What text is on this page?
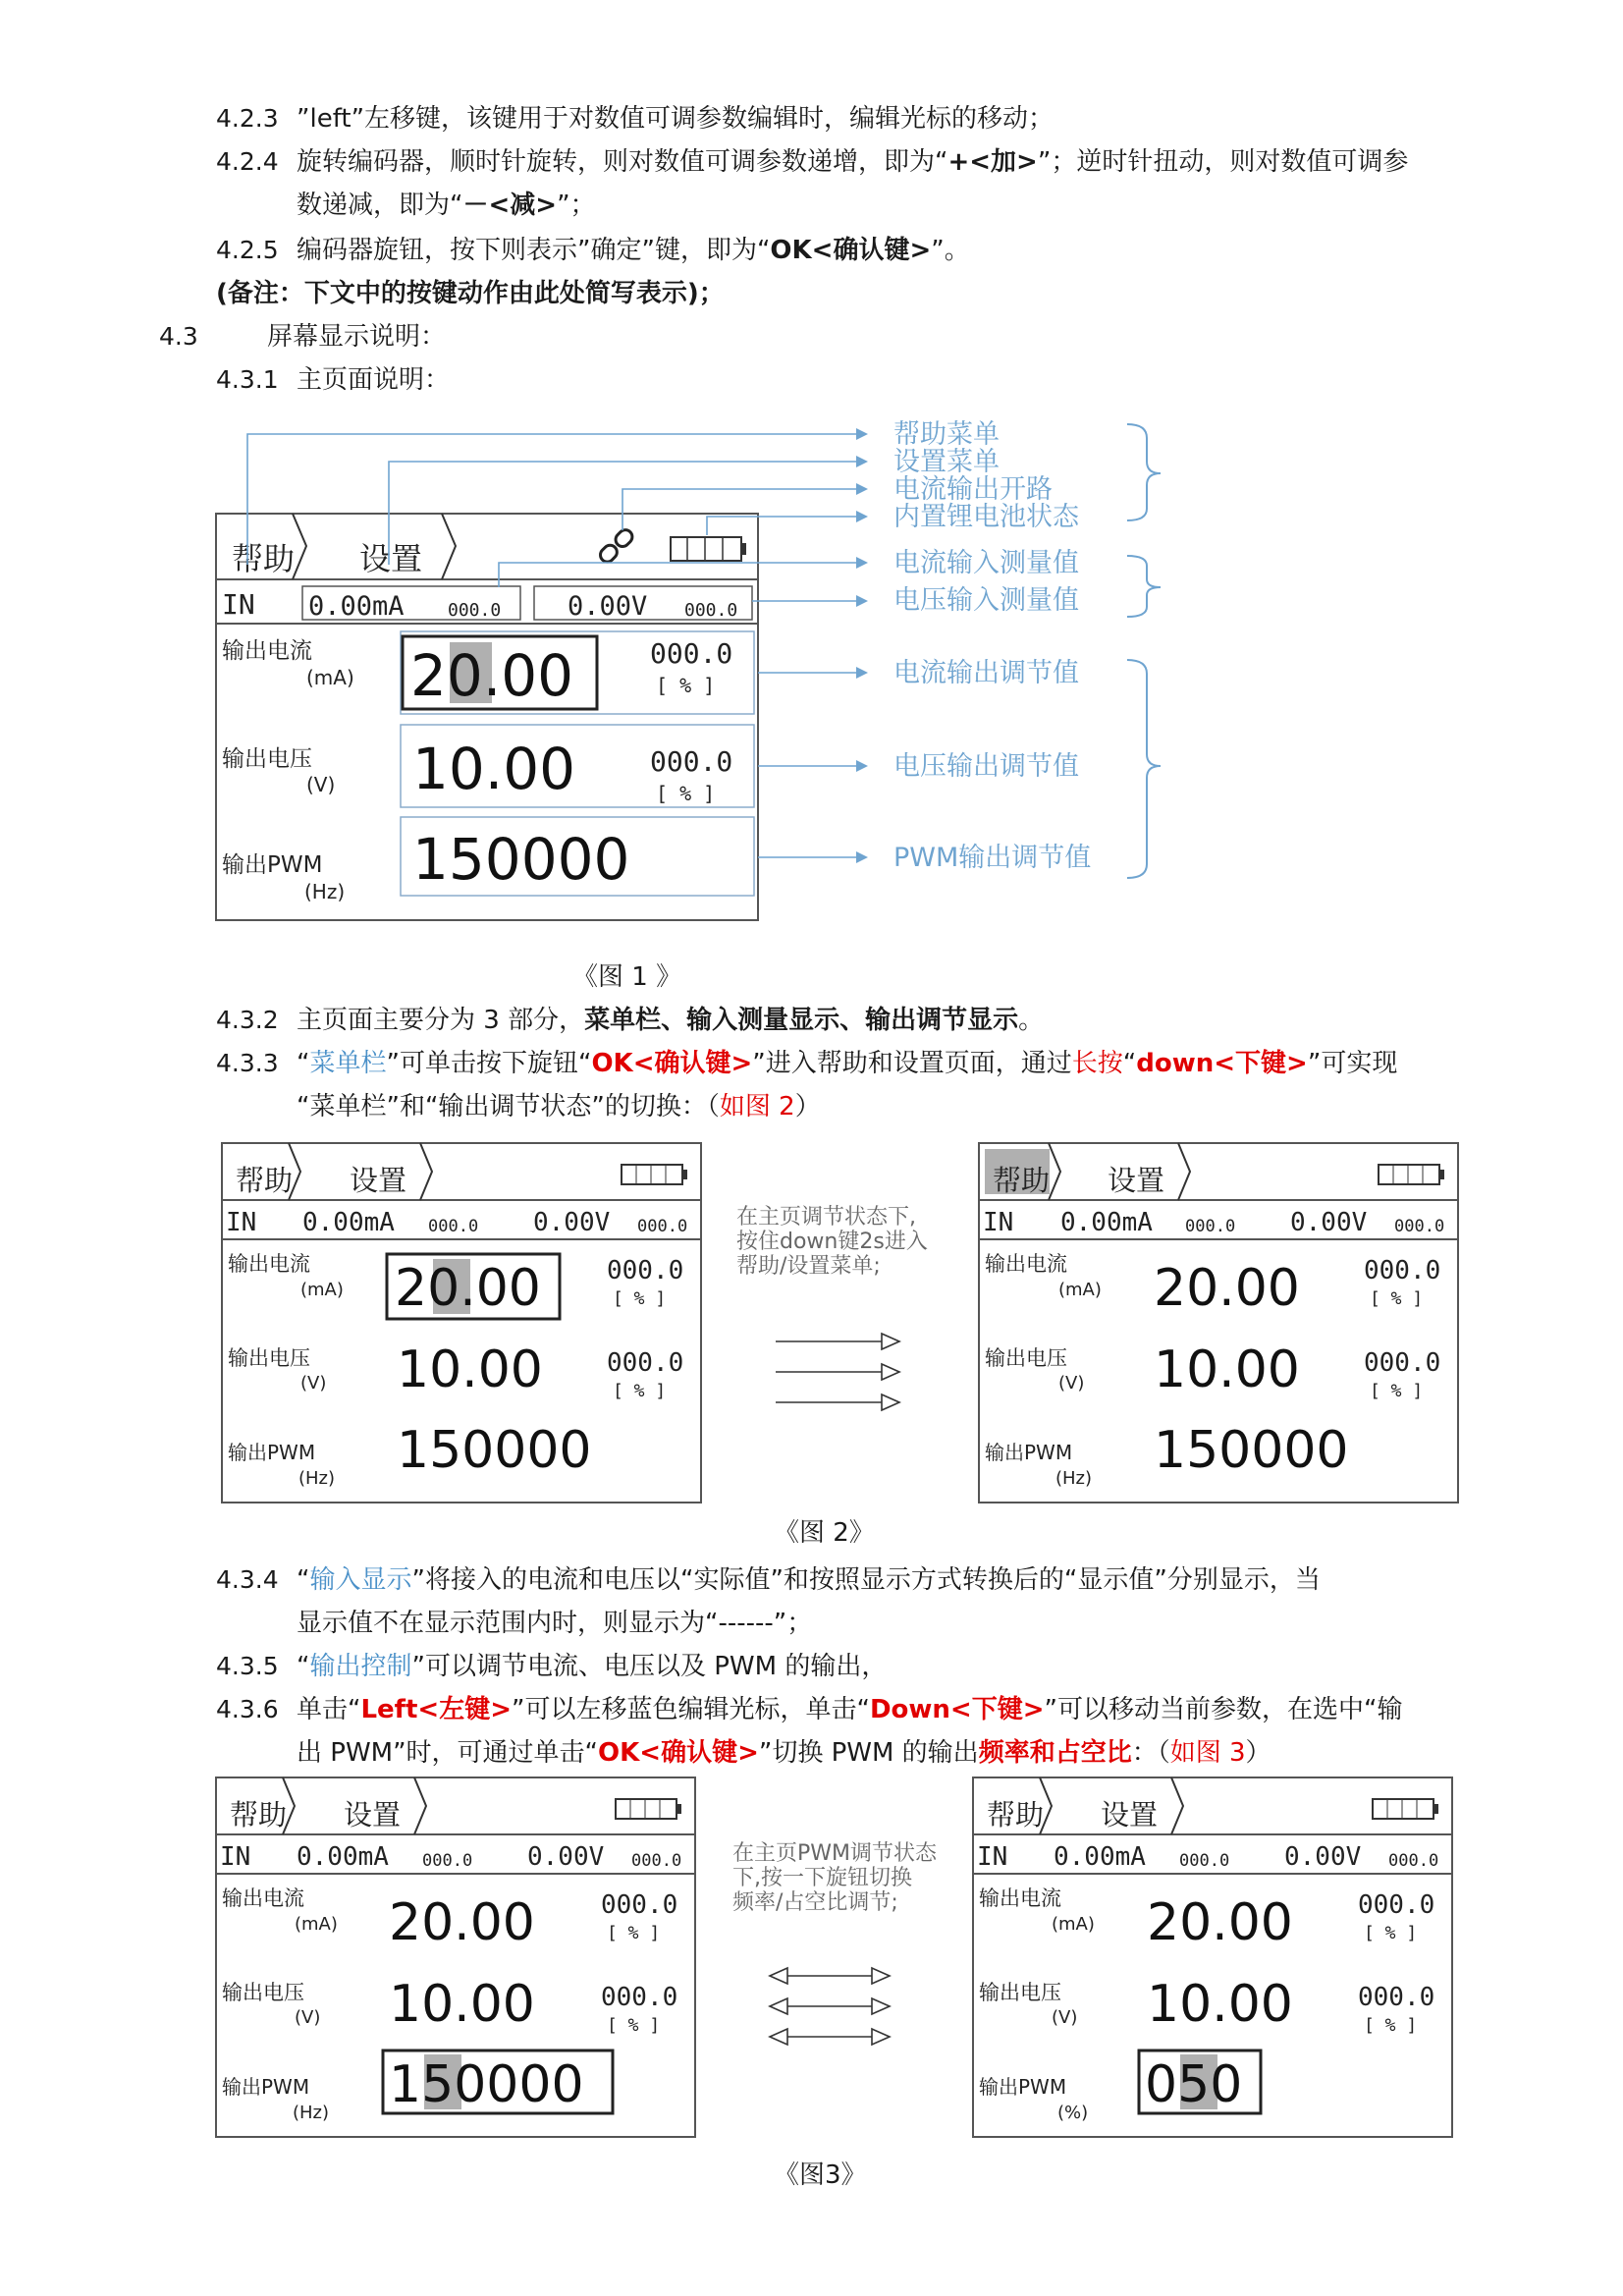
4.2.3 ”left”左移键，该键用于对数值可调参数编辑时，编辑光标的移动；
4.2.4 旋转编码器，顺时针旋转，则对数值可调参数递增，即为“+<加>”；逆时针扭动，则对数值可调参
数递减，即为“－<减>”；
4.2.5 编码器旋钮，按下则表示”确定”键，即为“OK<确认键>”。
(备注：下文中的按键动作由此处简写表示)；
4.3	屏幕显示说明：
4.3.1 主页面说明：
帮助 设置
IN 0.00mA 000.0	0.00V 000.0
输出电流
(mA) 20.00	000.0
[ % ]
输出电压
(V) 10.00	000.0
[ % ]
输出PWM
(Hz) 150000
帮助菜单
设置菜单
电流输出开路
内置锂电池状态
电流输入测量值
电压输入测量值
电流输出调节值
电压输出调节值
PWM输出调节值
《图 1 》
4.3.2 主页面主要分为 3 部分，菜单栏、输入测量显示、输出调节显示。
4.3.3 “菜单栏”可单击按下旋钮“OK<确认键>”进入帮助和设置页面，通过长按“down<下键>”可实现
“菜单栏”和“输出调节状态”的切换：（如图 2）
帮助 设置
IN 0.00mA 000.0 0.00V 000.0
输出电流
(mA) 20.00	000.0
[ % ]
输出电压
(V) 10.00	000.0
[ % ]
输出PWM
(Hz) 150000
在主页调节状态下,
按住down键2s进入
帮助/设置菜单;
帮助 设置
IN 0.00mA 000.0 0.00V 000.0
输出电流
(mA) 20.00	000.0
[ % ]
输出电压
(V) 10.00	000.0
[ % ]
输出PWM
(Hz) 150000
《图 2》
4.3.4 “输入显示”将接入的电流和电压以“实际值”和按照显示方式转换后的“显示值”分别显示，当
显示值不在显示范围内时，则显示为“------”；
4.3.5 “输出控制”可以调节电流、电压以及 PWM 的输出，
4.3.6 单击“Left<左键>”可以左移蓝色编辑光标，单击“Down<下键>”可以移动当前参数，在选中“输
出 PWM”时，可通过单击“OK<确认键>”切换 PWM 的输出频率和占空比：（如图 3）
帮助 设置
IN 0.00mA 000.0 0.00V 000.0
输出电流
(mA) 20.00	000.0
[ % ]
输出电压
(V) 10.00	000.0
[ % ]
输出PWM
(Hz) 150000
在主页PWM调节状态
下,按一下旋钮切换
频率/占空比调节;
帮助 设置
IN 0.00mA 000.0 0.00V 000.0
输出电流
(mA) 20.00	000.0
[ % ]
输出电压
(V) 10.00	000.0
[ % ]
输出PWM
(%) 050
《图3》
